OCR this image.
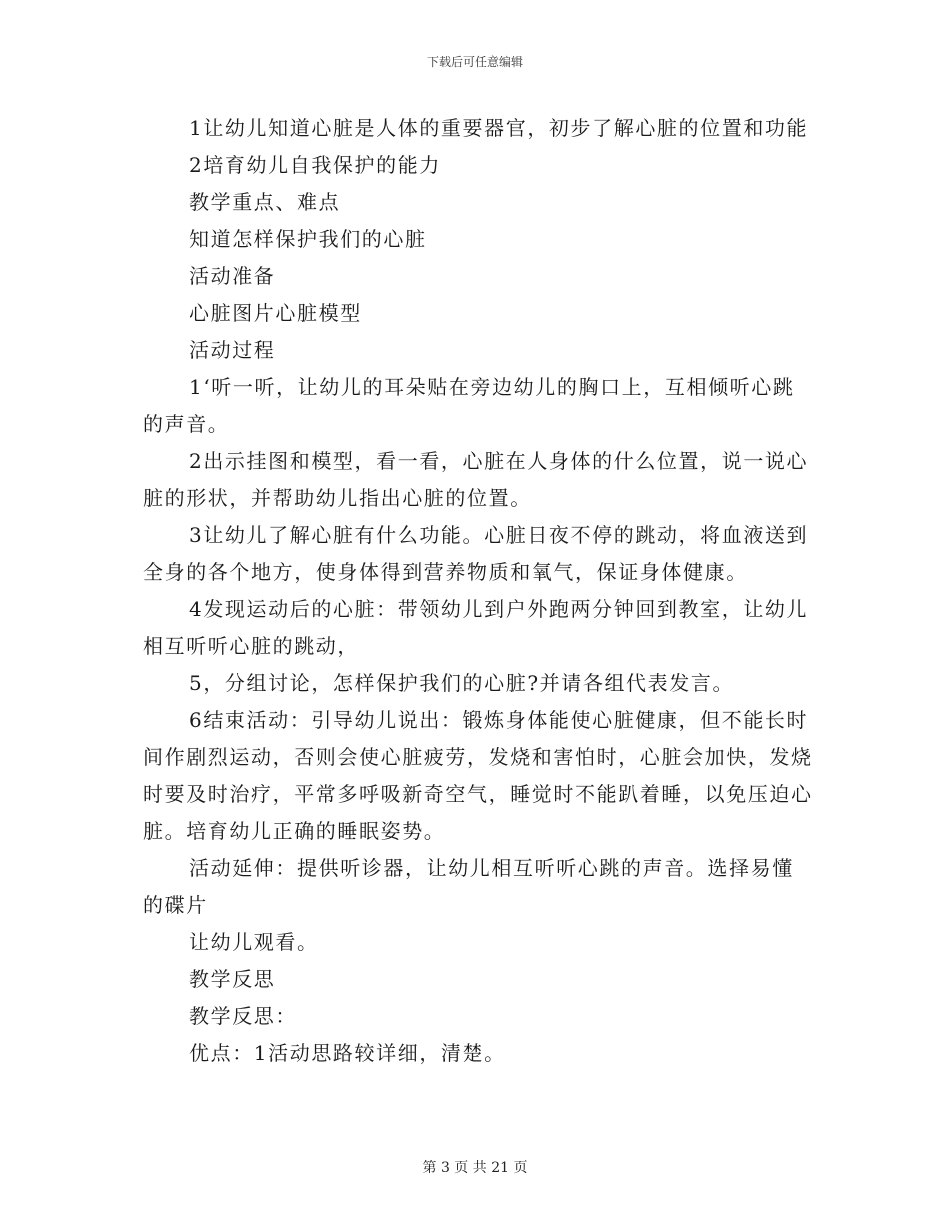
下载后可任意编辑

1让幼儿知道心脏是人体的重要器官，初步了解心脏的位置和功能

2培育幼儿自我保护的能力

教学重点、难点

知道怎样保护我们的心脏

活动准备

心脏图片心脏模型

活动过程

1‘听一听，让幼儿的耳朵贴在旁边幼儿的胸口上，互相倾听心跳的声音。

2出示挂图和模型，看一看，心脏在人身体的什么位置，说一说心脏的形状，并帮助幼儿指出心脏的位置。

3让幼儿了解心脏有什么功能。心脏日夜不停的跳动，将血液送到全身的各个地方，使身体得到营养物质和氧气，保证身体健康。

4发现运动后的心脏：带领幼儿到户外跑两分钟回到教室，让幼儿相互听听心脏的跳动，

5，分组讨论，怎样保护我们的心脏?并请各组代表发言。

6结束活动：引导幼儿说出：锻炼身体能使心脏健康，但不能长时间作剧烈运动，否则会使心脏疲劳，发烧和害怕时，心脏会加快，发烧时要及时治疗，平常多呼吸新奇空气，睡觉时不能趴着睡，以免压迫心脏。培育幼儿正确的睡眠姿势。

活动延伸：提供听诊器，让幼儿相互听听心跳的声音。选择易懂的碟片

让幼儿观看。

教学反思

教学反思：

优点：1活动思路较详细，清楚。

第 3 页 共 21 页
